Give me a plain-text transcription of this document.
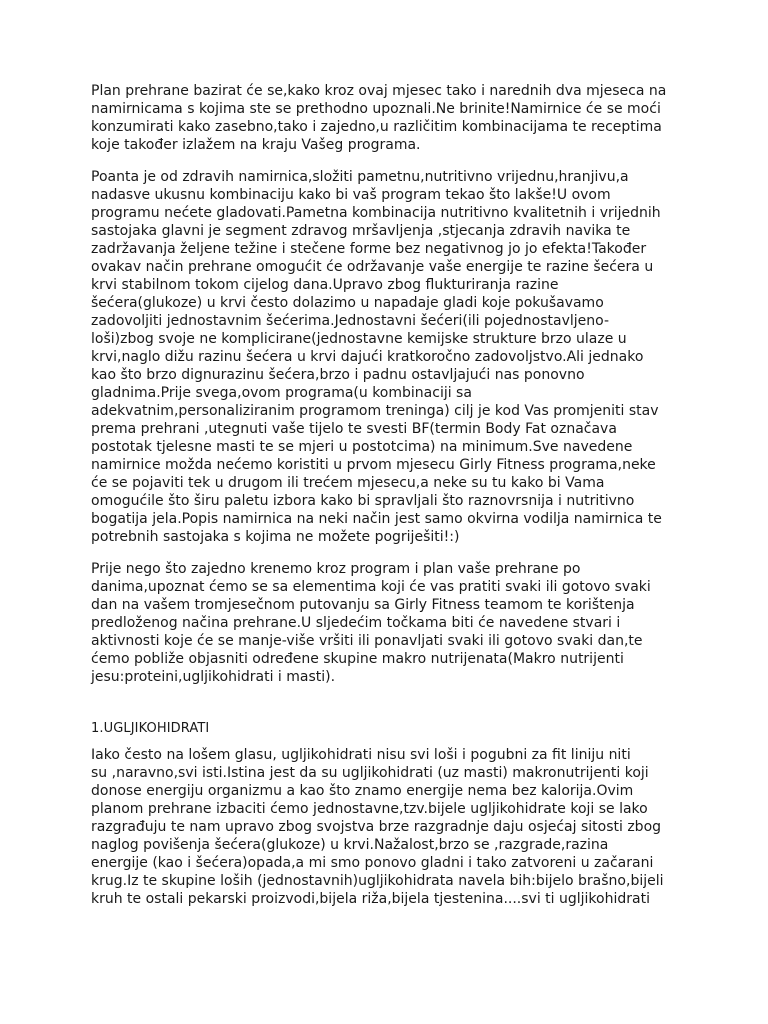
Plan prehrane bazirat će se,kako kroz ovaj mjesec tako i narednih dva mjeseca na
namirnicama s kojima ste se prethodno upoznali.Ne brinite!Namirnice će se moći
konzumirati kako zasebno,tako i zajedno,u različitim kombinacijama te receptima
koje također izlažem na kraju Vašeg programa.

Poanta je od zdravih namirnica,složiti pametnu,nutritivno vrijednu,hranjivu,a
nadasve ukusnu kombinaciju kako bi vaš program tekao što lakše!U ovom
programu nećete gladovati.Pametna kombinacija nutritivno kvalitetnih i vrijednih
sastojaka glavni je segment zdravog mršavljenja ,stjecanja zdravih navika te
zadržavanja željene težine i stečene forme bez negativnog jo jo efekta!Također
ovakav način prehrane omogućit će održavanje vaše energije te razine šećera u
krvi stabilnom tokom cijelog dana.Upravo zbog flukturiranja razine
šećera(glukoze) u krvi često dolazimo u napadaje gladi koje pokušavamo
zadovoljiti jednostavnim šećerima.Jednostavni šećeri(ili pojednostavljeno-
loši)zbog svoje ne komplicirane(jednostavne kemijske strukture brzo ulaze u
krvi,naglo dižu razinu šećera u krvi dajući kratkoročno zadovoljstvo.Ali jednako
kao što brzo dignurazinu šećera,brzo i padnu ostavljajući nas ponovno
gladnima.Prije svega,ovom programa(u kombinaciji sa
adekvatnim,personaliziranim programom treninga) cilj je kod Vas promjeniti stav
prema prehrani ,utegnuti vaše tijelo te svesti BF(termin Body Fat označava
postotak tjelesne masti te se mjeri u postotcima) na minimum.Sve navedene
namirnice možda nećemo koristiti u prvom mjesecu Girly Fitness programa,neke
će se pojaviti tek u drugom ili trećem mjesecu,a neke su tu kako bi Vama
omogućile što širu paletu izbora kako bi spravljali što raznovrsnija i nutritivno
bogatija jela.Popis namirnica na neki način jest samo okvirna vodilja namirnica te
potrebnih sastojaka s kojima ne možete pogriješiti!:)

Prije nego što zajedno krenemo kroz program i plan vaše prehrane po
danima,upoznat ćemo se sa elementima koji će vas pratiti svaki ili gotovo svaki
dan na vašem tromjesečnom putovanju sa Girly Fitness teamom te korištenja
predloženog načina prehrane.U sljedećim točkama biti će navedene stvari i
aktivnosti koje će se manje-više vršiti ili ponavljati svaki ili gotovo svaki dan,te
ćemo pobliže objasniti određene skupine makro nutrijenata(Makro nutrijenti
jesu:proteini,ugljikohidrati i masti).

1.UGLJIKOHIDRATI

Iako često na lošem glasu, ugljikohidrati nisu svi loši i pogubni za fit liniju niti
su ,naravno,svi isti.Istina jest da su ugljikohidrati (uz masti) makronutrijenti koji
donose energiju organizmu a kao što znamo energije nema bez kalorija.Ovim
planom prehrane izbaciti ćemo jednostavne,tzv.bijele ugljikohidrate koji se lako
razgrađuju te nam upravo zbog svojstva brze razgradnje daju osjećaj sitosti zbog
naglog povišenja šećera(glukoze) u krvi.Nažalost,brzo se ,razgrade,razina
energije (kao i šećera)opada,a mi smo ponovo gladni i tako zatvoreni u začarani
krug.Iz te skupine loših (jednostavnih)ugljikohidrata navela bih:bijelo brašno,bijeli
kruh te ostali pekarski proizvodi,bijela riža,bijela tjestenina....svi ti ugljikohidrati
